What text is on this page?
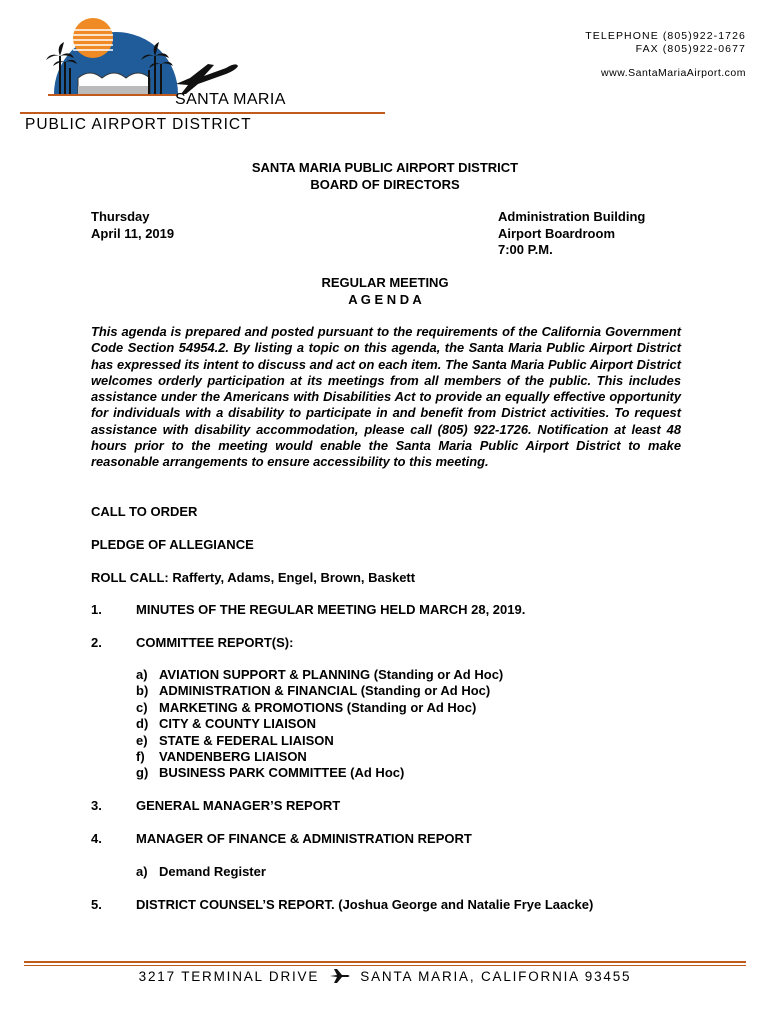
TELEPHONE (805)922-1726
FAX (805)922-0677
www.SantaMariaAirport.com
SANTA MARIA
PUBLIC AIRPORT DISTRICT
SANTA MARIA PUBLIC AIRPORT DISTRICT
BOARD OF DIRECTORS
Thursday
April 11, 2019
Administration Building
Airport Boardroom
7:00 P.M.
REGULAR MEETING
A G E N D A
This agenda is prepared and posted pursuant to the requirements of the California Government Code Section 54954.2. By listing a topic on this agenda, the Santa Maria Public Airport District has expressed its intent to discuss and act on each item. The Santa Maria Public Airport District welcomes orderly participation at its meetings from all members of the public. This includes assistance under the Americans with Disabilities Act to provide an equally effective opportunity for individuals with a disability to participate in and benefit from District activities. To request assistance with disability accommodation, please call (805) 922-1726. Notification at least 48 hours prior to the meeting would enable the Santa Maria Public Airport District to make reasonable arrangements to ensure accessibility to this meeting.
CALL TO ORDER
PLEDGE OF ALLEGIANCE
ROLL CALL: Rafferty, Adams, Engel, Brown, Baskett
1.	MINUTES OF THE REGULAR MEETING HELD MARCH 28, 2019.
2.	COMMITTEE REPORT(S):
a) AVIATION SUPPORT & PLANNING (Standing or Ad Hoc)
b) ADMINISTRATION & FINANCIAL (Standing or Ad Hoc)
c) MARKETING & PROMOTIONS (Standing or Ad Hoc)
d) CITY & COUNTY LIAISON
e) STATE & FEDERAL LIAISON
f)	VANDENBERG LIAISON
g) BUSINESS PARK COMMITTEE (Ad Hoc)
3.	GENERAL MANAGER’S REPORT
4.	MANAGER OF FINANCE & ADMINISTRATION REPORT
a) Demand Register
5.	DISTRICT COUNSEL’S REPORT. (Joshua George and Natalie Frye Laacke)
3217 TERMINAL DRIVE	SANTA MARIA, CALIFORNIA 93455
